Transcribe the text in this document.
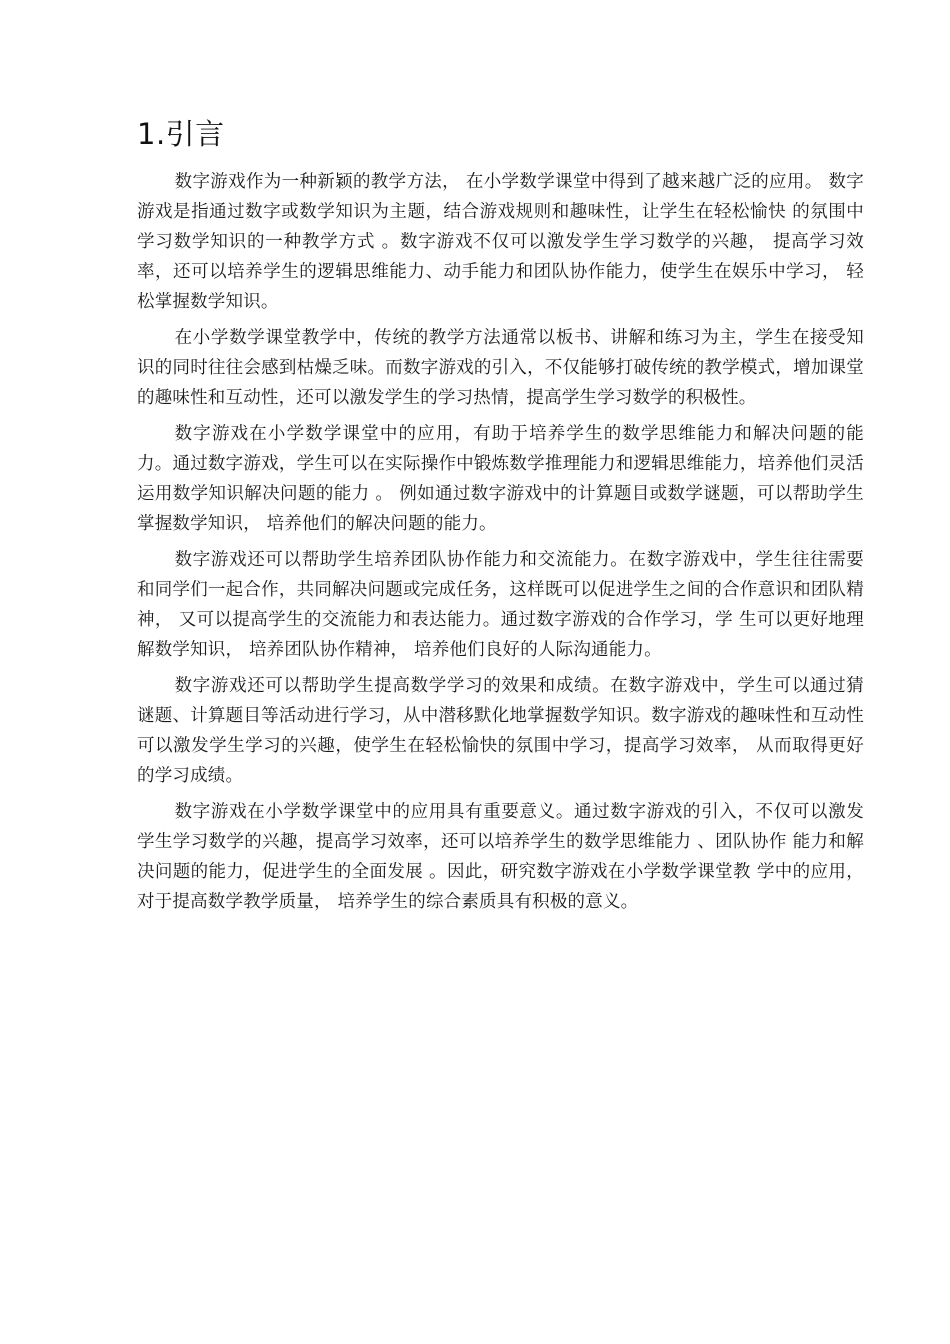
1.引言

数字游戏作为一种新颖的教学方法， 在小学数学课堂中得到了越来越广泛的应用。 数字游戏是指通过数字或数学知识为主题，结合游戏规则和趣味性，让学生在轻松愉快 的氛围中学习数学知识的一种教学方式 。数字游戏不仅可以激发学生学习数学的兴趣， 提高学习效率，还可以培养学生的逻辑思维能力、动手能力和团队协作能力，使学生在娱乐中学习， 轻松掌握数学知识。

在小学数学课堂教学中，传统的教学方法通常以板书、讲解和练习为主，学生在接受知识的同时往往会感到枯燥乏味。而数字游戏的引入，不仅能够打破传统的教学模式，增加课堂的趣味性和互动性，还可以激发学生的学习热情，提高学生学习数学的积极性。

数字游戏在小学数学课堂中的应用，有助于培养学生的数学思维能力和解决问题的能力。通过数字游戏，学生可以在实际操作中锻炼数学推理能力和逻辑思维能力，培养他们灵活运用数学知识解决问题的能力 。 例如通过数字游戏中的计算题目或数学谜题，可以帮助学生掌握数学知识， 培养他们的解决问题的能力。

数字游戏还可以帮助学生培养团队协作能力和交流能力。在数字游戏中，学生往往需要和同学们一起合作，共同解决问题或完成任务，这样既可以促进学生之间的合作意识和团队精神， 又可以提高学生的交流能力和表达能力。通过数字游戏的合作学习，学 生可以更好地理解数学知识， 培养团队协作精神， 培养他们良好的人际沟通能力。

数字游戏还可以帮助学生提高数学学习的效果和成绩。在数字游戏中，学生可以通过猜谜题、计算题目等活动进行学习，从中潜移默化地掌握数学知识。数字游戏的趣味性和互动性可以激发学生学习的兴趣，使学生在轻松愉快的氛围中学习，提高学习效率， 从而取得更好的学习成绩。

数字游戏在小学数学课堂中的应用具有重要意义。通过数字游戏的引入，不仅可以激发学生学习数学的兴趣，提高学习效率，还可以培养学生的数学思维能力 、团队协作 能力和解决问题的能力，促进学生的全面发展 。因此，研究数字游戏在小学数学课堂教 学中的应用， 对于提高数学教学质量， 培养学生的综合素质具有积极的意义。
